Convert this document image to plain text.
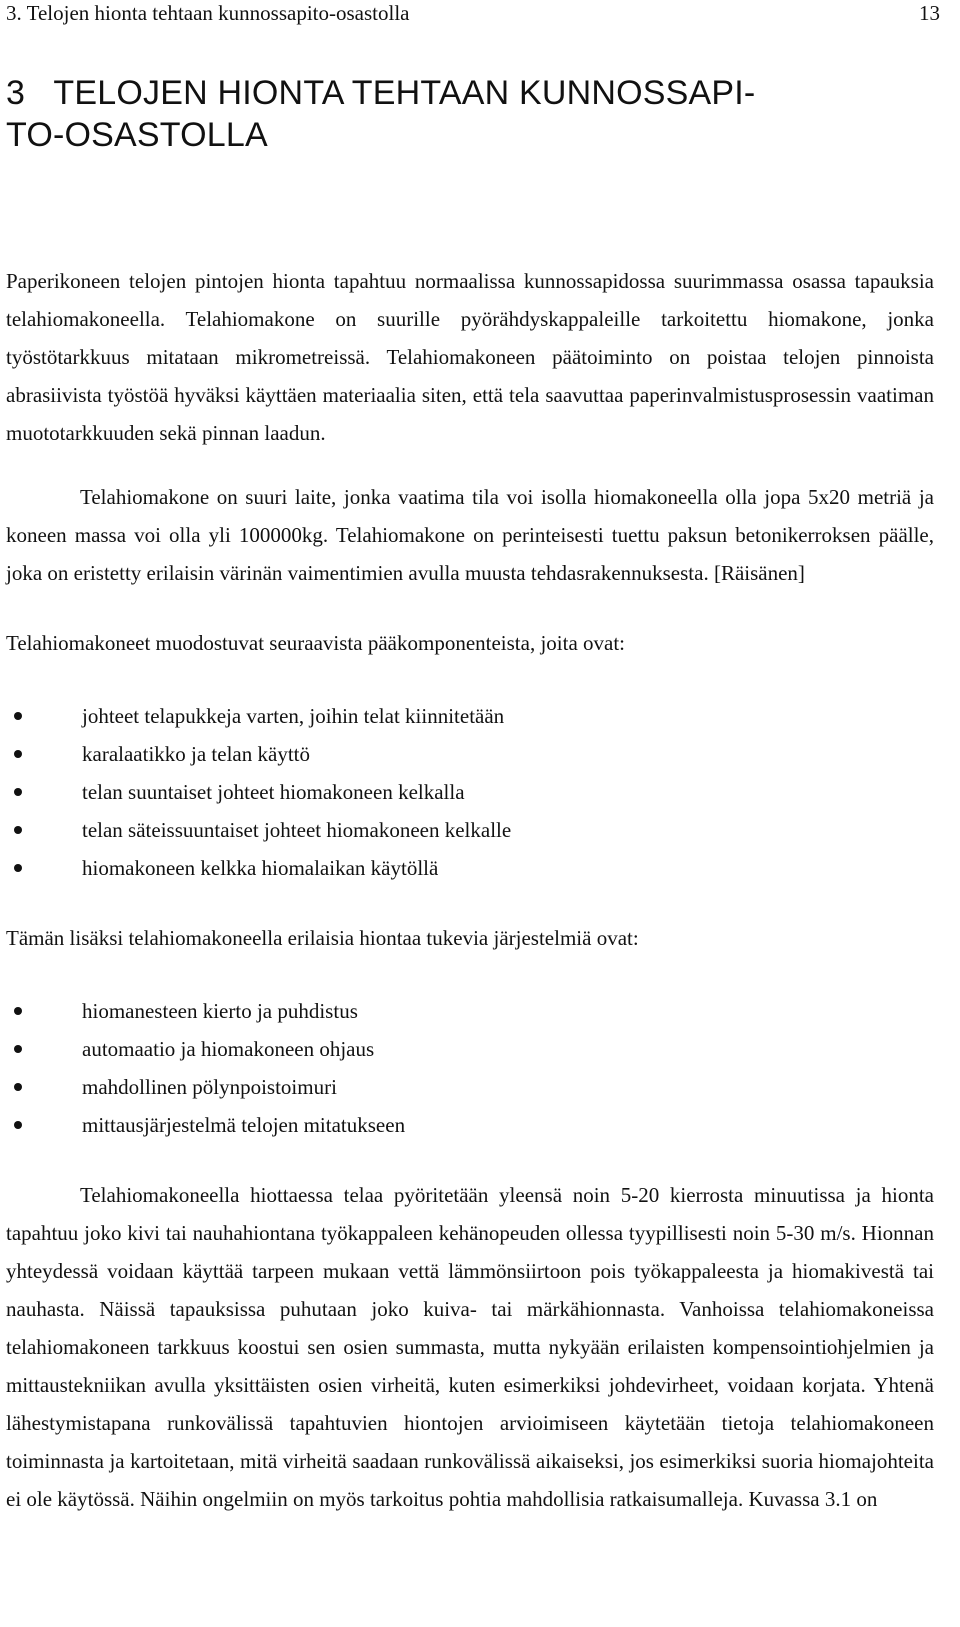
3. Telojen hionta tehtaan kunnossapito-osastolla	13
3   TELOJEN HIONTA TEHTAAN KUNNOSSAPI-
TO-OSASTOLLA

Paperikoneen telojen pintojen hionta tapahtuu normaalissa kunnossapidossa suurimmassa osassa tapauksia telahiomakoneella. Telahiomakone on suurille pyörähdyskappaleille tarkoitettu hiomakone, jonka työstötarkkuus mitataan mikrometreissä. Telahiomakoneen päätoiminto on poistaa telojen pinnoista abrasiivista työstöä hyväksi käyttäen materiaalia siten, että tela saavuttaa paperinvalmistusprosessin vaatiman muototarkkuuden sekä pinnan laadun.

Telahiomakone on suuri laite, jonka vaatima tila voi isolla hiomakoneella olla jopa 5x20 metriä ja koneen massa voi olla yli 100000kg. Telahiomakone on perinteisesti tuettu paksun betonikerroksen päälle, joka on eristetty erilaisin värinän vaimentimien avulla muusta tehdasrakennuksesta. [Räisänen]

Telahiomakoneet muodostuvat seuraavista pääkomponenteista, joita ovat:

johteet telapukkeja varten, joihin telat kiinnitetään
karalaatikko ja telan käyttö
telan suuntaiset johteet hiomakoneen kelkalla
telan säteissuuntaiset johteet hiomakoneen kelkalle
hiomakoneen kelkka hiomalaikan käytöllä

Tämän lisäksi telahiomakoneella erilaisia hiontaa tukevia järjestelmiä ovat:

hiomanesteen kierto ja puhdistus
automaatio ja hiomakoneen ohjaus
mahdollinen pölynpoistoimuri
mittausjärjestelmä telojen mitatukseen

Telahiomakoneella hiottaessa telaa pyöritetään yleensä noin 5-20 kierrosta minuutissa ja hionta tapahtuu joko kivi tai nauhahiontana työkappaleen kehänopeuden ollessa tyypillisesti noin 5-30 m/s. Hionnan yhteydessä voidaan käyttää tarpeen mukaan vettä lämmönsiirtoon pois työkappaleesta ja hiomakivestä tai nauhasta. Näissä tapauksissa puhutaan joko kuiva- tai märkähionnasta. Vanhoissa telahiomakoneissa telahiomakoneen tarkkuus koostui sen osien summasta, mutta nykyään erilaisten kompensointiohjelmien ja mittaustekniikan avulla yksittäisten osien virheitä, kuten esimerkiksi johdevirheet, voidaan korjata. Yhtenä lähestymistapana runkovälissä tapahtuvien hiontojen arvioimiseen käytetään tietoja telahiomakoneen toiminnasta ja kartoitetaan, mitä virheitä saadaan runkovälissä aikaiseksi, jos esimerkiksi suoria hiomajohteita ei ole käytössä. Näihin ongelmiin on myös tarkoitus pohtia mahdollisia ratkaisumalleja. Kuvassa 3.1 on
